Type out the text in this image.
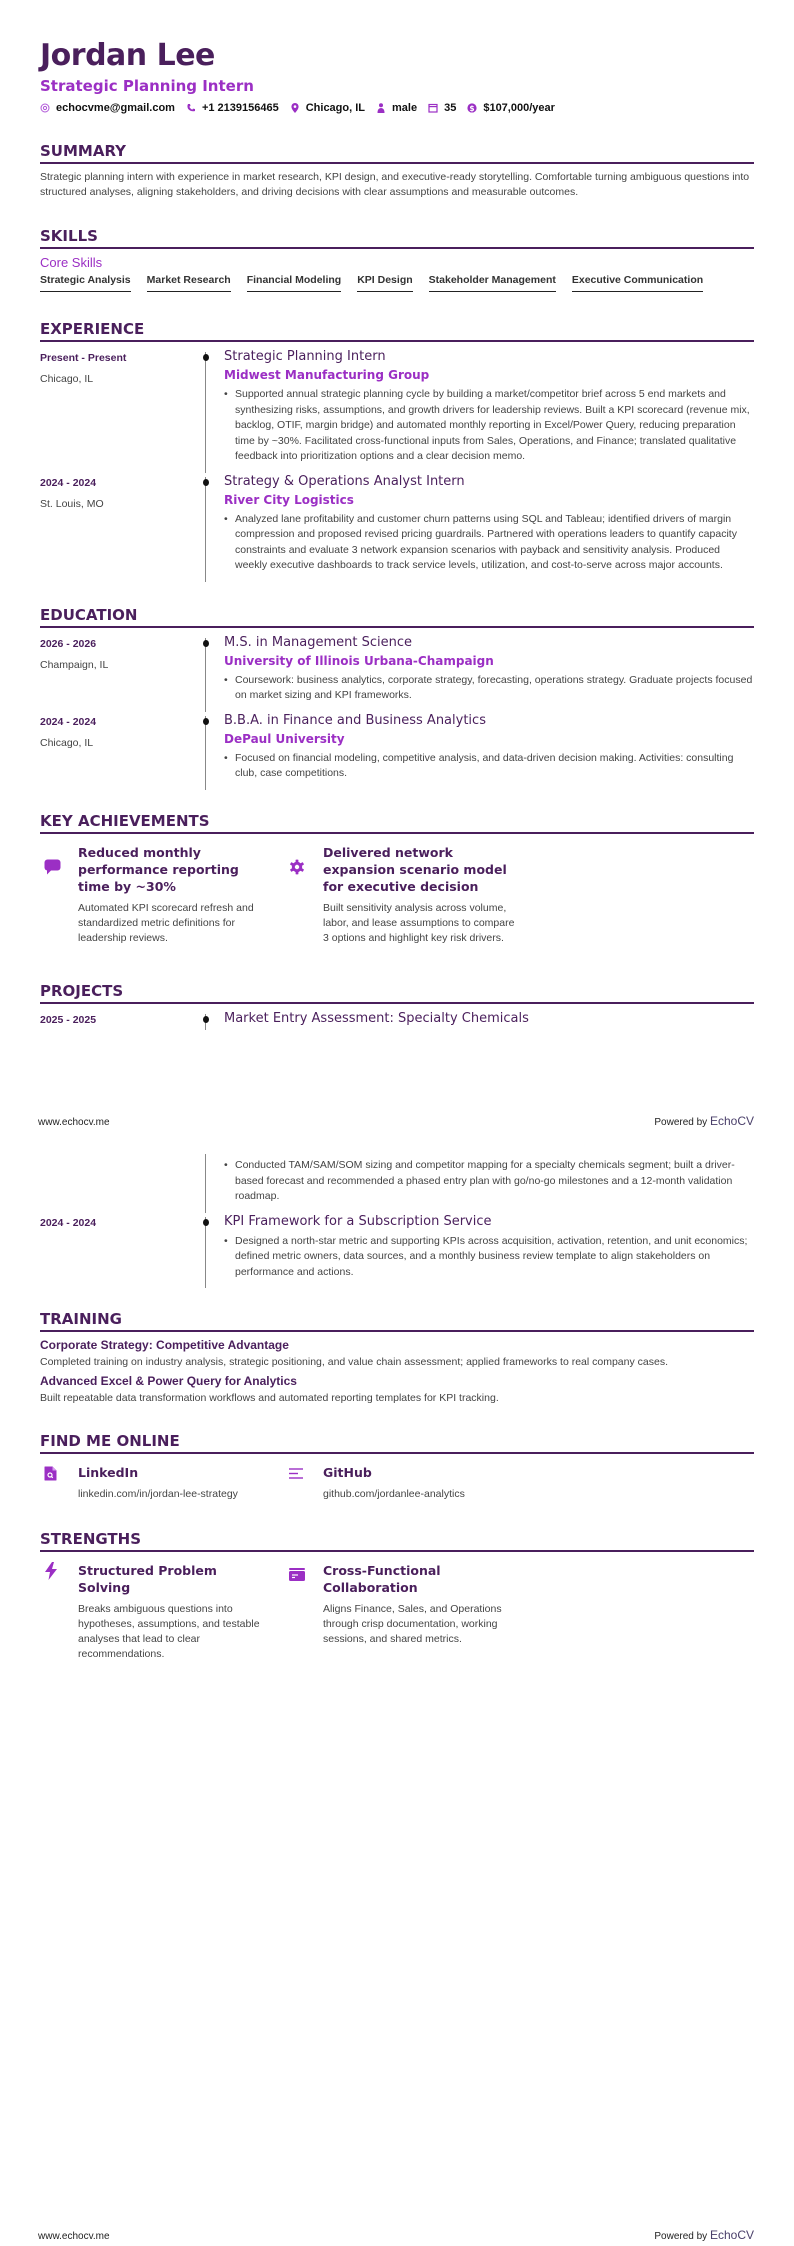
Jordan Lee
Strategic Planning Intern
echocvme@gmail.com +1 2139156465 Chicago, IL male 35 $ $107,000/year
SUMMARY
Strategic planning intern with experience in market research, KPI design, and executive-ready storytelling. Comfortable turning ambiguous questions into structured analyses, aligning stakeholders, and driving decisions with clear assumptions and measurable outcomes.
SKILLS
Core Skills
Strategic Analysis Market Research Financial Modeling KPI Design Stakeholder Management Executive Communication
EXPERIENCE
Present - Present
Chicago, IL
Strategic Planning Intern
Midwest Manufacturing Group
• Supported annual strategic planning cycle by building a market/competitor brief across 5 end markets and synthesizing risks, assumptions, and growth drivers for leadership reviews. Built a KPI scorecard (revenue mix, backlog, OTIF, margin bridge) and automated monthly reporting in Excel/Power Query, reducing preparation time by ~30%. Facilitated cross-functional inputs from Sales, Operations, and Finance; translated qualitative feedback into prioritization options and a clear decision memo.
2024 - 2024
St. Louis, MO
Strategy & Operations Analyst Intern
River City Logistics
• Analyzed lane profitability and customer churn patterns using SQL and Tableau; identified drivers of margin compression and proposed revised pricing guardrails. Partnered with operations leaders to quantify capacity constraints and evaluate 3 network expansion scenarios with payback and sensitivity analysis. Produced weekly executive dashboards to track service levels, utilization, and cost-to-serve across major accounts.
EDUCATION
2026 - 2026
Champaign, IL
M.S. in Management Science
University of Illinois Urbana-Champaign
• Coursework: business analytics, corporate strategy, forecasting, operations strategy. Graduate projects focused on market sizing and KPI frameworks.
2024 - 2024
Chicago, IL
B.B.A. in Finance and Business Analytics
DePaul University
• Focused on financial modeling, competitive analysis, and data-driven decision making. Activities: consulting club, case competitions.
KEY ACHIEVEMENTS
Reduced monthly performance reporting time by ~30%
Automated KPI scorecard refresh and standardized metric definitions for leadership reviews.
Delivered network expansion scenario model for executive decision
Built sensitivity analysis across volume, labor, and lease assumptions to compare 3 options and highlight key risk drivers.
PROJECTS
2025 - 2025	Market Entry Assessment: Specialty Chemicals
www.echocv.me	Powered by EchoCV
• Conducted TAM/SAM/SOM sizing and competitor mapping for a specialty chemicals segment; built a driver-based forecast and recommended a phased entry plan with go/no-go milestones and a 12-month validation roadmap.
2024 - 2024	KPI Framework for a Subscription Service
• Designed a north-star metric and supporting KPIs across acquisition, activation, retention, and unit economics; defined metric owners, data sources, and a monthly business review template to align stakeholders on performance and actions.
TRAINING
Corporate Strategy: Competitive Advantage
Completed training on industry analysis, strategic positioning, and value chain assessment; applied frameworks to real company cases.
Advanced Excel & Power Query for Analytics
Built repeatable data transformation workflows and automated reporting templates for KPI tracking.
FIND ME ONLINE
LinkedIn
linkedin.com/in/jordan-lee-strategy
GitHub
github.com/jordanlee-analytics
STRENGTHS
Structured Problem Solving
Breaks ambiguous questions into hypotheses, assumptions, and testable analyses that lead to clear recommendations.
Cross-Functional Collaboration
Aligns Finance, Sales, and Operations through crisp documentation, working sessions, and shared metrics.
www.echocv.me	Powered by EchoCV
